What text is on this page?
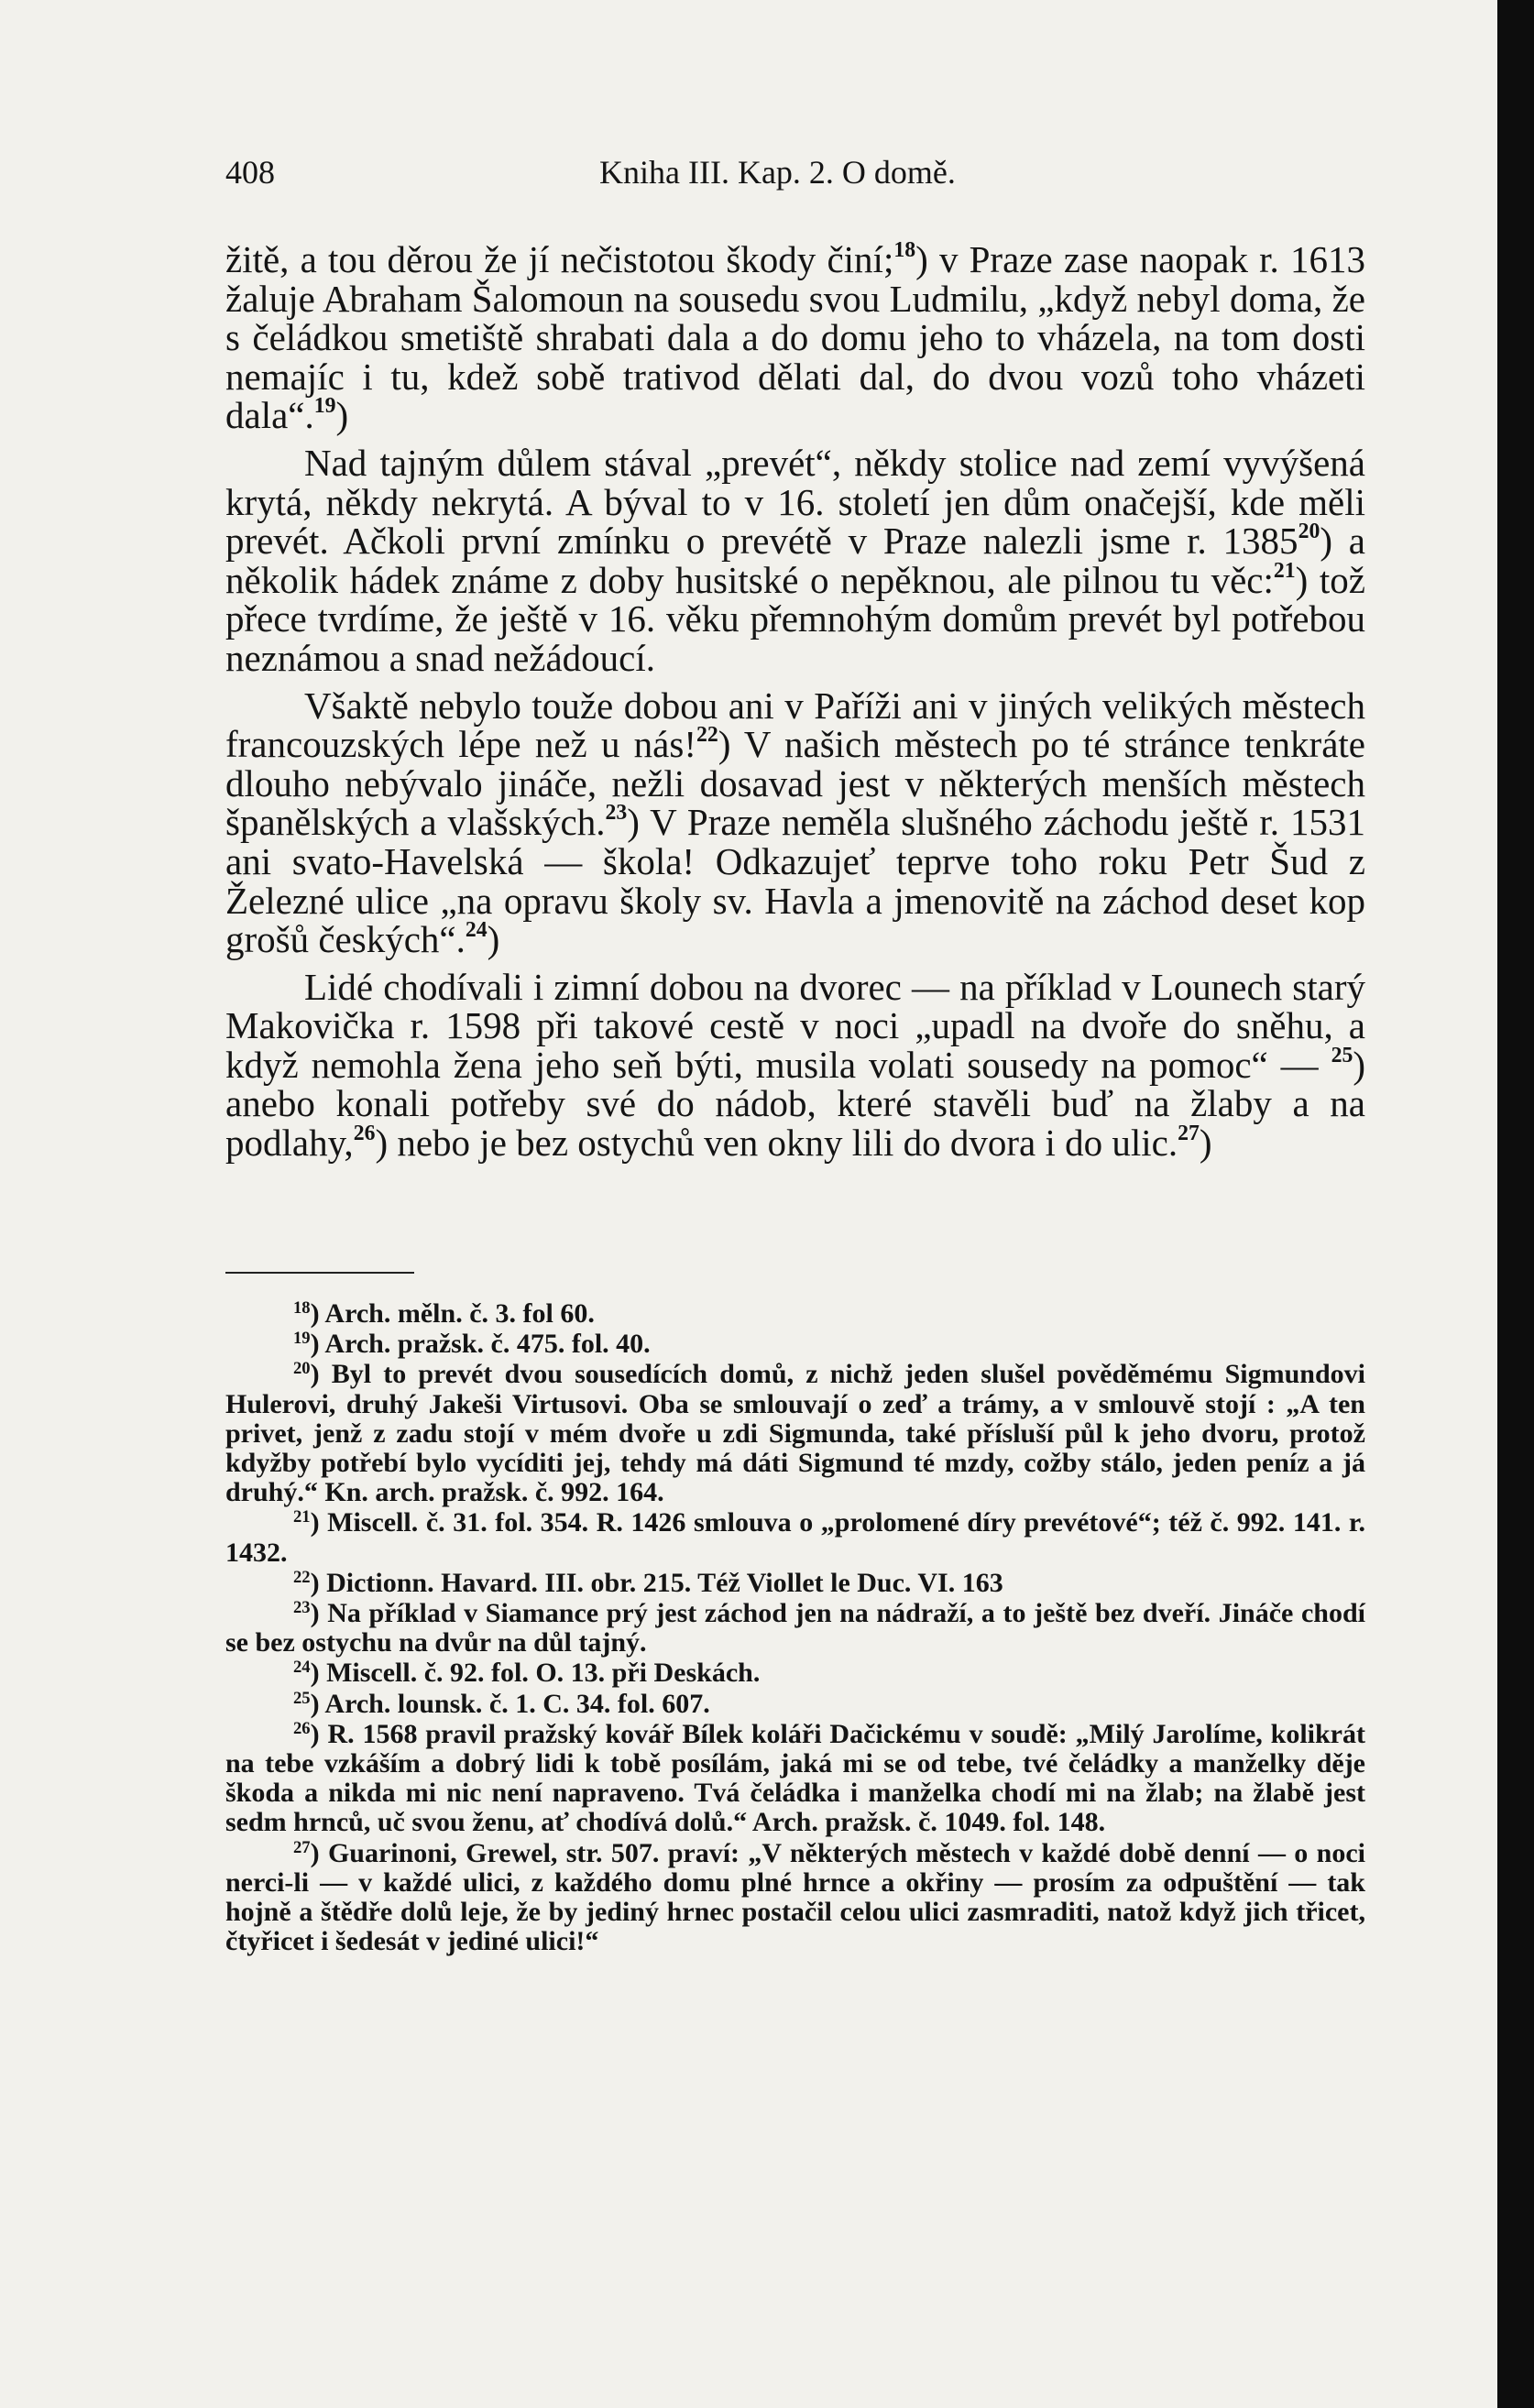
408	Kniha III. Kap. 2. O domě.

žitě, a tou děrou že jí nečistotou škody činí;$^{18}$) v Praze zase naopak r. 1613 žaluje Abraham Šalomoun na sousedu svou Ludmilu, „když nebyl doma, že s čeládkou smetiště shrabati dala a do domu jeho to vházela, na tom dosti nemajíc i tu, kdež sobě trativod dělati dal, do dvou vozů toho vházeti dala“.$^{19}$)

Nad tajným důlem stával „prevét“, někdy stolice nad zemí vyvýšená krytá, někdy nekrytá. A býval to v 16. století jen dům onačejší, kde měli prevét. Ačkoli první zmínku o prevétě v Praze nalezli jsme r. 1385$^{20}$) a několik hádek známe z doby husitské o nepěknou, ale pilnou tu věc:$^{21}$) tož přece tvrdíme, že ještě v 16. věku přemnohým domům prevét byl potřebou neznámou a snad nežádoucí.

Všaktě nebylo touže dobou ani v Paříži ani v jiných velikých městech francouzských lépe než u nás!$^{22}$) V našich městech po té stránce tenkráte dlouho nebývalo jináče, nežli dosavad jest v některých menších městech španělských a vlašských.$^{23}$) V Praze neměla slušného záchodu ještě r. 1531 ani svato-Havelská — škola! Odkazujeť teprve toho roku Petr Šud z Železné ulice „na opravu školy sv. Havla a jmenovitě na záchod deset kop grošů českých“.$^{24}$)

Lidé chodívali i zimní dobou na dvorec — na příklad v Lounech starý Makovička r. 1598 při takové cestě v noci „upadl na dvoře do sněhu, a když nemohla žena jeho seň býti, musila volati sousedy na pomoc“ — $^{25}$) anebo konali potřeby své do nádob, které stavěli buď na žlaby a na podlahy,$^{26}$) nebo je bez ostychů ven okny lili do dvora i do ulic.$^{27}$)

$^{18}$) Arch. měln. č. 3. fol 60.
$^{19}$) Arch. pražsk. č. 475. fol. 40.
$^{20}$) Byl to prevét dvou sousedících domů, z nichž jeden slušel pověděmému Sigmundovi Hulerovi, druhý Jakeši Virtusovi. Oba se smlouvají o zeď a trámy, a v smlouvě stojí : „A ten privet, jenž z zadu stojí v mém dvoře u zdi Sigmunda, také přísluší půl k jeho dvoru, protož kdyžby potřebí bylo vycíditi jej, tehdy má dáti Sigmund té mzdy, cožby stálo, jeden peníz a já druhý.“ Kn. arch. pražsk. č. 992. 164.
$^{21}$) Miscell. č. 31. fol. 354. R. 1426 smlouva o „prolomené díry prevétové“; též č. 992. 141. r. 1432.
$^{22}$) Dictionn. Havard. III. obr. 215. Též Viollet le Duc. VI. 163
$^{23}$) Na příklad v Siamance prý jest záchod jen na nádraží, a to ještě bez dveří. Jináče chodí se bez ostychu na dvůr na důl tajný.
$^{24}$) Miscell. č. 92. fol. O. 13. při Deskách.
$^{25}$) Arch. lounsk. č. 1. C. 34. fol. 607.
$^{26}$) R. 1568 pravil pražský kovář Bílek koláři Dačickému v soudě: „Milý Jarolíme, kolikrát na tebe vzkáším a dobrý lidi k tobě posílám, jaká mi se od tebe, tvé čeládky a manželky děje škoda a nikda mi nic není napraveno. Tvá čeládka i manželka chodí mi na žlab; na žlabě jest sedm hrnců, uč svou ženu, ať chodívá dolů.“ Arch. pražsk. č. 1049. fol. 148.
$^{27}$) Guarinoni, Grewel, str. 507. praví: „V některých městech v každé době denní — o noci nerci-li — v každé ulici, z každého domu plné hrnce a okřiny — prosím za odpuštění — tak hojně a štědře dolů leje, že by jediný hrnec postačil celou ulici zasmraditi, natož když jich třicet, čtyřicet i šedesát v jediné ulici!“
